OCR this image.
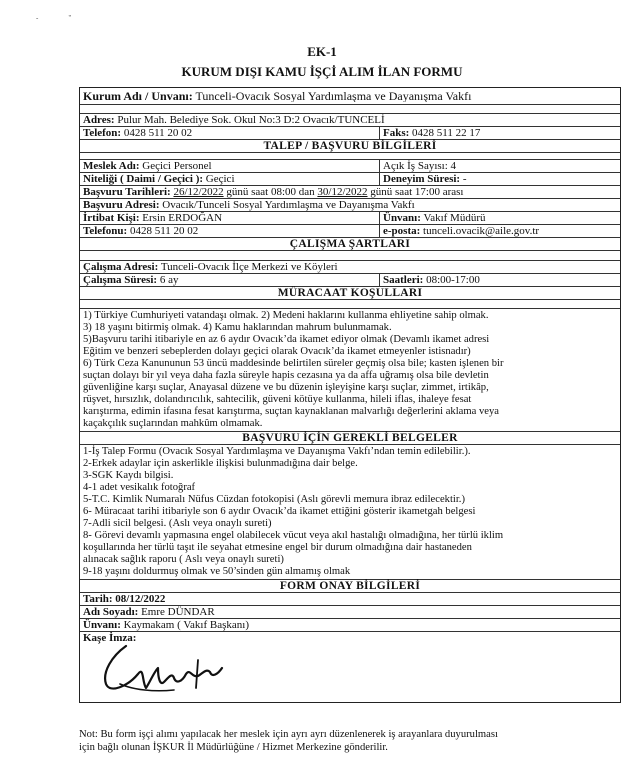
-"
EK-1
KURUM DIŞI KAMU İŞÇİ ALIM İLAN FORMU
Kurum Adı / Unvanı: Tunceli-Ovacık Sosyal Yardımlaşma ve Dayanışma Vakfı
Adres: Pulur Mah. Belediye Sok. Okul No:3 D:2 Ovacık/TUNCELİ
Telefon: 0428 511 20 02	Faks: 0428 511 22 17
TALEP / BAŞVURU BİLGİLERİ
Meslek Adı: Geçici Personel	Açık İş Sayısı: 4
Niteliği ( Daimi / Geçici ): Geçici	Deneyim Süresi: -
Başvuru Tarihleri: 26/12/2022 günü saat 08:00 dan 30/12/2022 günü saat 17:00 arası
Başvuru Adresi: Ovacık/Tunceli Sosyal Yardımlaşma ve Dayanışma Vakfı
İrtibat Kişi: Ersin ERDOĞAN	Ünvanı: Vakıf Müdürü
Telefonu: 0428 511 20 02	e-posta: tunceli.ovacik@aile.gov.tr
ÇALIŞMA ŞARTLARI
Çalışma Adresi: Tunceli-Ovacık İlçe Merkezi ve Köyleri
Çalışma Süresi: 6 ay	Saatleri: 08:00-17:00
MÜRACAAT KOŞULLARI
1) Türkiye Cumhuriyeti vatandaşı olmak. 2) Medeni haklarını kullanma ehliyetine sahip olmak.
3) 18 yaşını bitirmiş olmak. 4) Kamu haklarından mahrum bulunmamak.
5)Başvuru tarihi itibariyle en az 6 aydır Ovacık’da ikamet ediyor olmak (Devamlı ikamet adresi
Eğitim ve benzeri sebeplerden dolayı geçici olarak Ovacık’da ikamet etmeyenler istisnadır)
6) Türk Ceza Kanununun 53 üncü maddesinde belirtilen süreler geçmiş olsa bile; kasten işlenen bir
suçtan dolayı bir yıl veya daha fazla süreyle hapis cezasına ya da affa uğramış olsa bile devletin
güvenliğine karşı suçlar, Anayasal düzene ve bu düzenin işleyişine karşı suçlar, zimmet, irtikâp,
rüşvet, hırsızlık, dolandırıcılık, sahtecilik, güveni kötüye kullanma, hileli iflas, ihaleye fesat
karıştırma, edimin ifasına fesat karıştırma, suçtan kaynaklanan malvarlığı değerlerini aklama veya
kaçakçılık suçlarından mahkûm olmamak.
BAŞVURU İÇİN GEREKLİ BELGELER
1-İş Talep Formu (Ovacık Sosyal Yardımlaşma ve Dayanışma Vakfı’ndan temin edilebilir.).
2-Erkek adaylar için askerlikle ilişkisi bulunmadığına dair belge.
3-SGK Kaydı bilgisi.
4-1 adet vesikalık fotoğraf
5-T.C. Kimlik Numaralı Nüfus Cüzdan fotokopisi (Aslı görevli memura ibraz edilecektir.)
6- Müracaat tarihi itibariyle son 6 aydır Ovacık’da ikamet ettiğini gösterir ikametgah belgesi
7-Adli sicil belgesi. (Aslı veya onaylı sureti)
8- Görevi devamlı yapmasına engel olabilecek vücut veya akıl hastalığı olmadığına, her türlü iklim
koşullarında her türlü taşıt ile seyahat etmesine engel bir durum olmadığına dair hastaneden
alınacak sağlık raporu ( Aslı veya onaylı sureti)
9-18 yaşını doldurmuş olmak ve 50’sinden gün almamış olmak
FORM ONAY BİLGİLERİ
Tarih: 08/12/2022
Adı Soyadı: Emre DÜNDAR
Ünvanı: Kaymakam ( Vakıf Başkanı)
Kaşe İmza:
Not: Bu form işçi alımı yapılacak her meslek için ayrı ayrı düzenlenerek iş arayanlara duyurulması
için bağlı olunan İŞKUR İl Müdürlüğüne / Hizmet Merkezine gönderilir.
